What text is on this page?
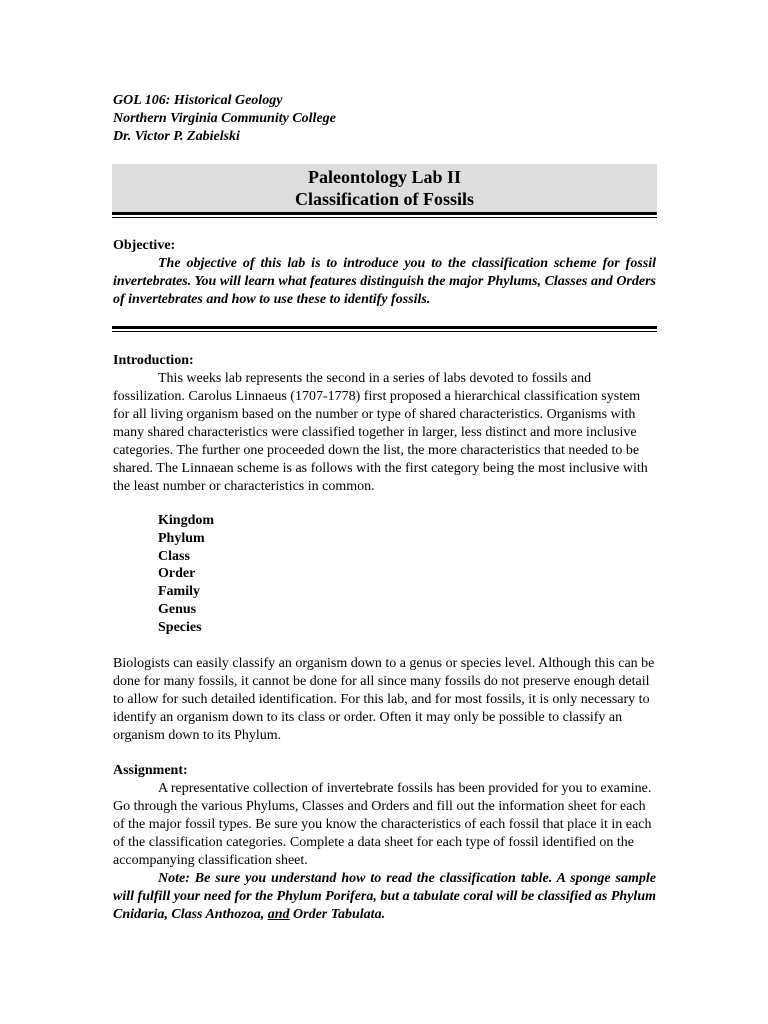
GOL 106: Historical Geology
Northern Virginia Community College
Dr. Victor P. Zabielski
Paleontology Lab II
Classification of Fossils
Objective:

The objective of this lab is to introduce you to the classification scheme for fossil invertebrates. You will learn what features distinguish the major Phylums, Classes and Orders of invertebrates and how to use these to identify fossils.

Introduction:

This weeks lab represents the second in a series of labs devoted to fossils and fossilization. Carolus Linnaeus (1707-1778) first proposed a hierarchical classification system for all living organism based on the number or type of shared characteristics. Organisms with many shared characteristics were classified together in larger, less distinct and more inclusive categories. The further one proceeded down the list, the more characteristics that needed to be shared. The Linnaean scheme is as follows with the first category being the most inclusive with the least number or characteristics in common.

Kingdom
Phylum
Class
Order
Family
Genus
Species

Biologists can easily classify an organism down to a genus or species level. Although this can be done for many fossils, it cannot be done for all since many fossils do not preserve enough detail to allow for such detailed identification. For this lab, and for most fossils, it is only necessary to identify an organism down to its class or order. Often it may only be possible to classify an organism down to its Phylum.

Assignment:

A representative collection of invertebrate fossils has been provided for you to examine. Go through the various Phylums, Classes and Orders and fill out the information sheet for each of the major fossil types. Be sure you know the characteristics of each fossil that place it in each of the classification categories. Complete a data sheet for each type of fossil identified on the accompanying classification sheet.

Note: Be sure you understand how to read the classification table. A sponge sample will fulfill your need for the Phylum Porifera, but a tabulate coral will be classified as Phylum Cnidaria, Class Anthozoa, and Order Tabulata.
